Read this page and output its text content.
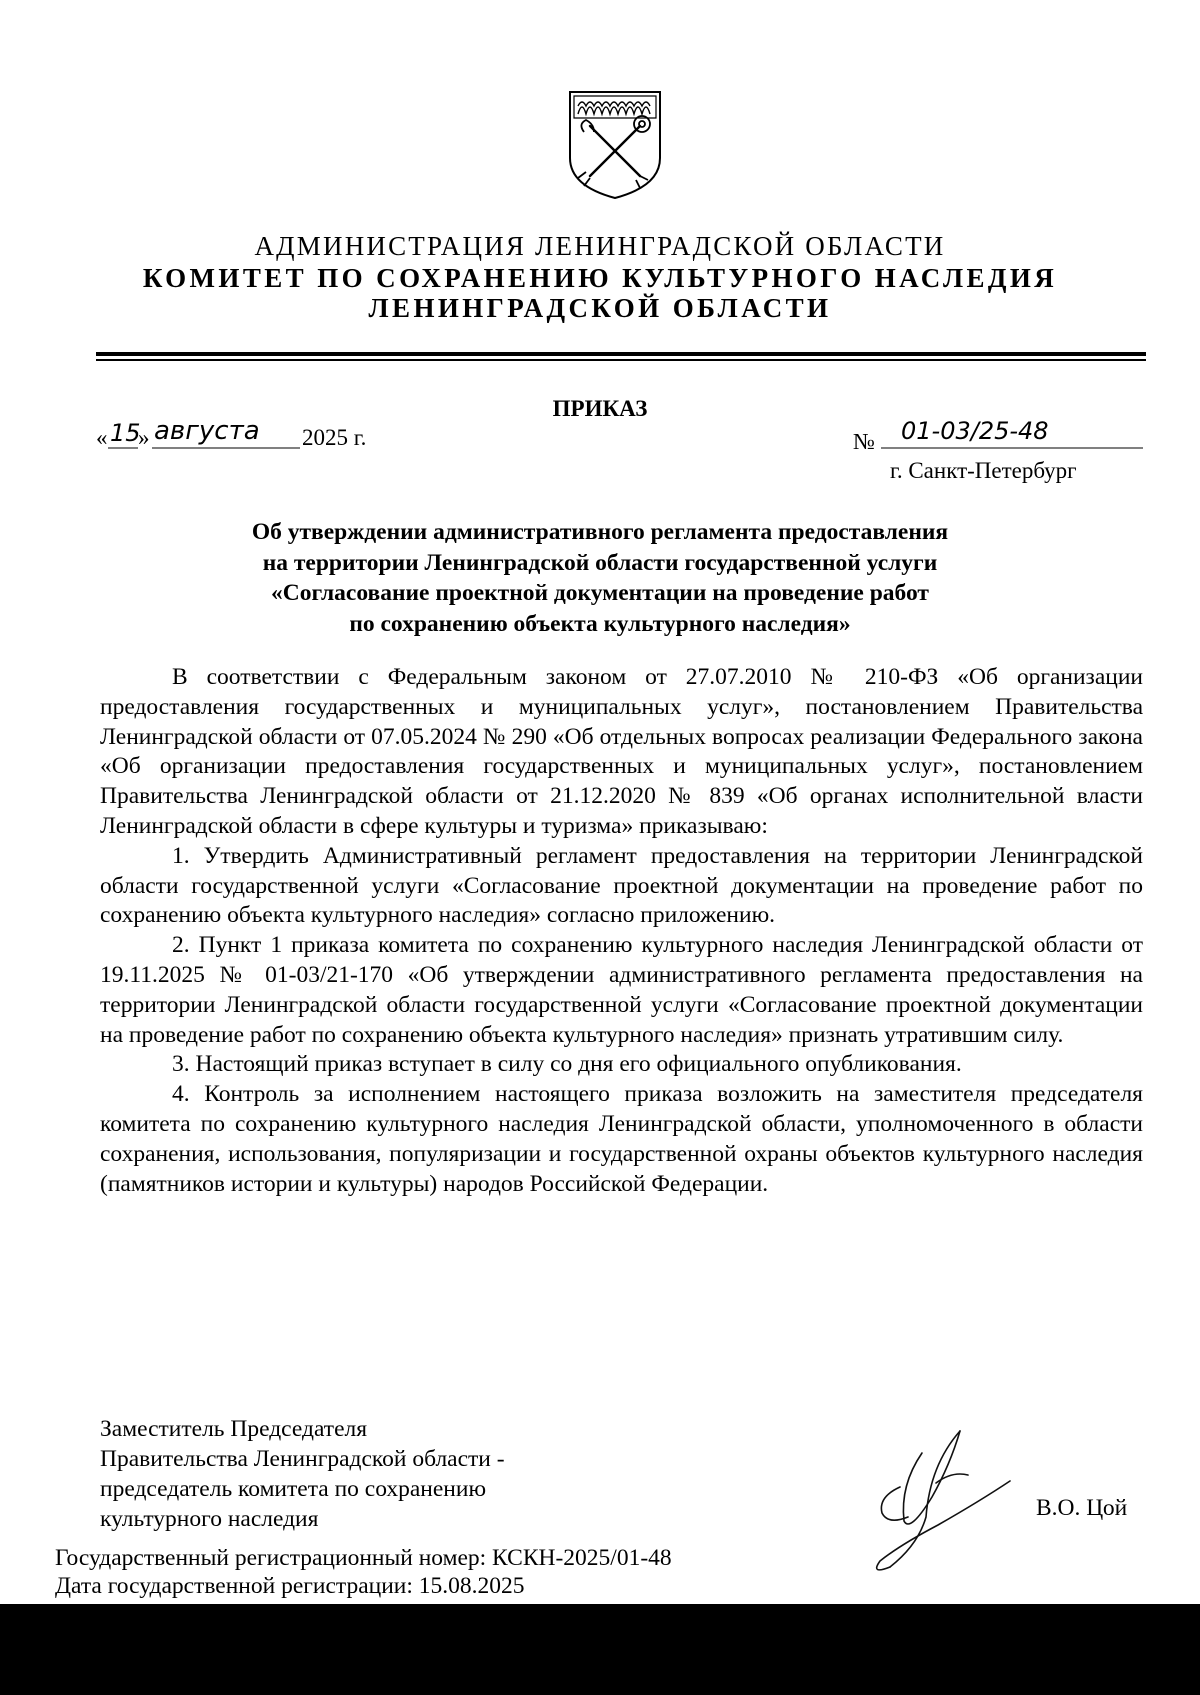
АДМИНИСТРАЦИЯ ЛЕНИНГРАДСКОЙ ОБЛАСТИ
КОМИТЕТ ПО СОХРАНЕНИЮ КУЛЬТУРНОГО НАСЛЕДИЯ
ЛЕНИНГРАДСКОЙ ОБЛАСТИ
ПРИКАЗ
« 15
» августа 2025 г.	№ 01-03/25-48
г. Санкт-Петербург
Об утверждении административного регламента предоставления
на территории Ленинградской области государственной услуги
«Согласование проектной документации на проведение работ
по сохранению объекта культурного наследия»

В соответствии с Федеральным законом от 27.07.2010 № 210-ФЗ «Об организации предоставления государственных и муниципальных услуг», постановлением Правительства Ленинградской области от 07.05.2024 № 290 «Об отдельных вопросах реализации Федерального закона «Об организации предоставления государственных и муниципальных услуг», постановлением Правительства Ленинградской области от 21.12.2020 № 839 «Об органах исполнительной власти Ленинградской области в сфере культуры и туризма» приказываю:

1. Утвердить Административный регламент предоставления на территории Ленинградской области государственной услуги «Согласование проектной документации на проведение работ по сохранению объекта культурного наследия» согласно приложению.

2. Пункт 1 приказа комитета по сохранению культурного наследия Ленинградской области от 19.11.2025 № 01-03/21-170 «Об утверждении административного регламента предоставления на территории Ленинградской области государственной услуги «Согласование проектной документации на проведение работ по сохранению объекта культурного наследия» признать утратившим силу.

3. Настоящий приказ вступает в силу со дня его официального опубликования.

4. Контроль за исполнением настоящего приказа возложить на заместителя председателя комитета по сохранению культурного наследия Ленинградской области, уполномоченного в области сохранения, использования, популяризации и государственной охраны объектов культурного наследия (памятников истории и культуры) народов Российской Федерации.

Заместитель Председателя
Правительства Ленинградской области -
председатель комитета по сохранению
культурного наследия	В.О. Цой
Государственный регистрационный номер: КСКН-2025/01-48
Дата государственной регистрации: 15.08.2025
